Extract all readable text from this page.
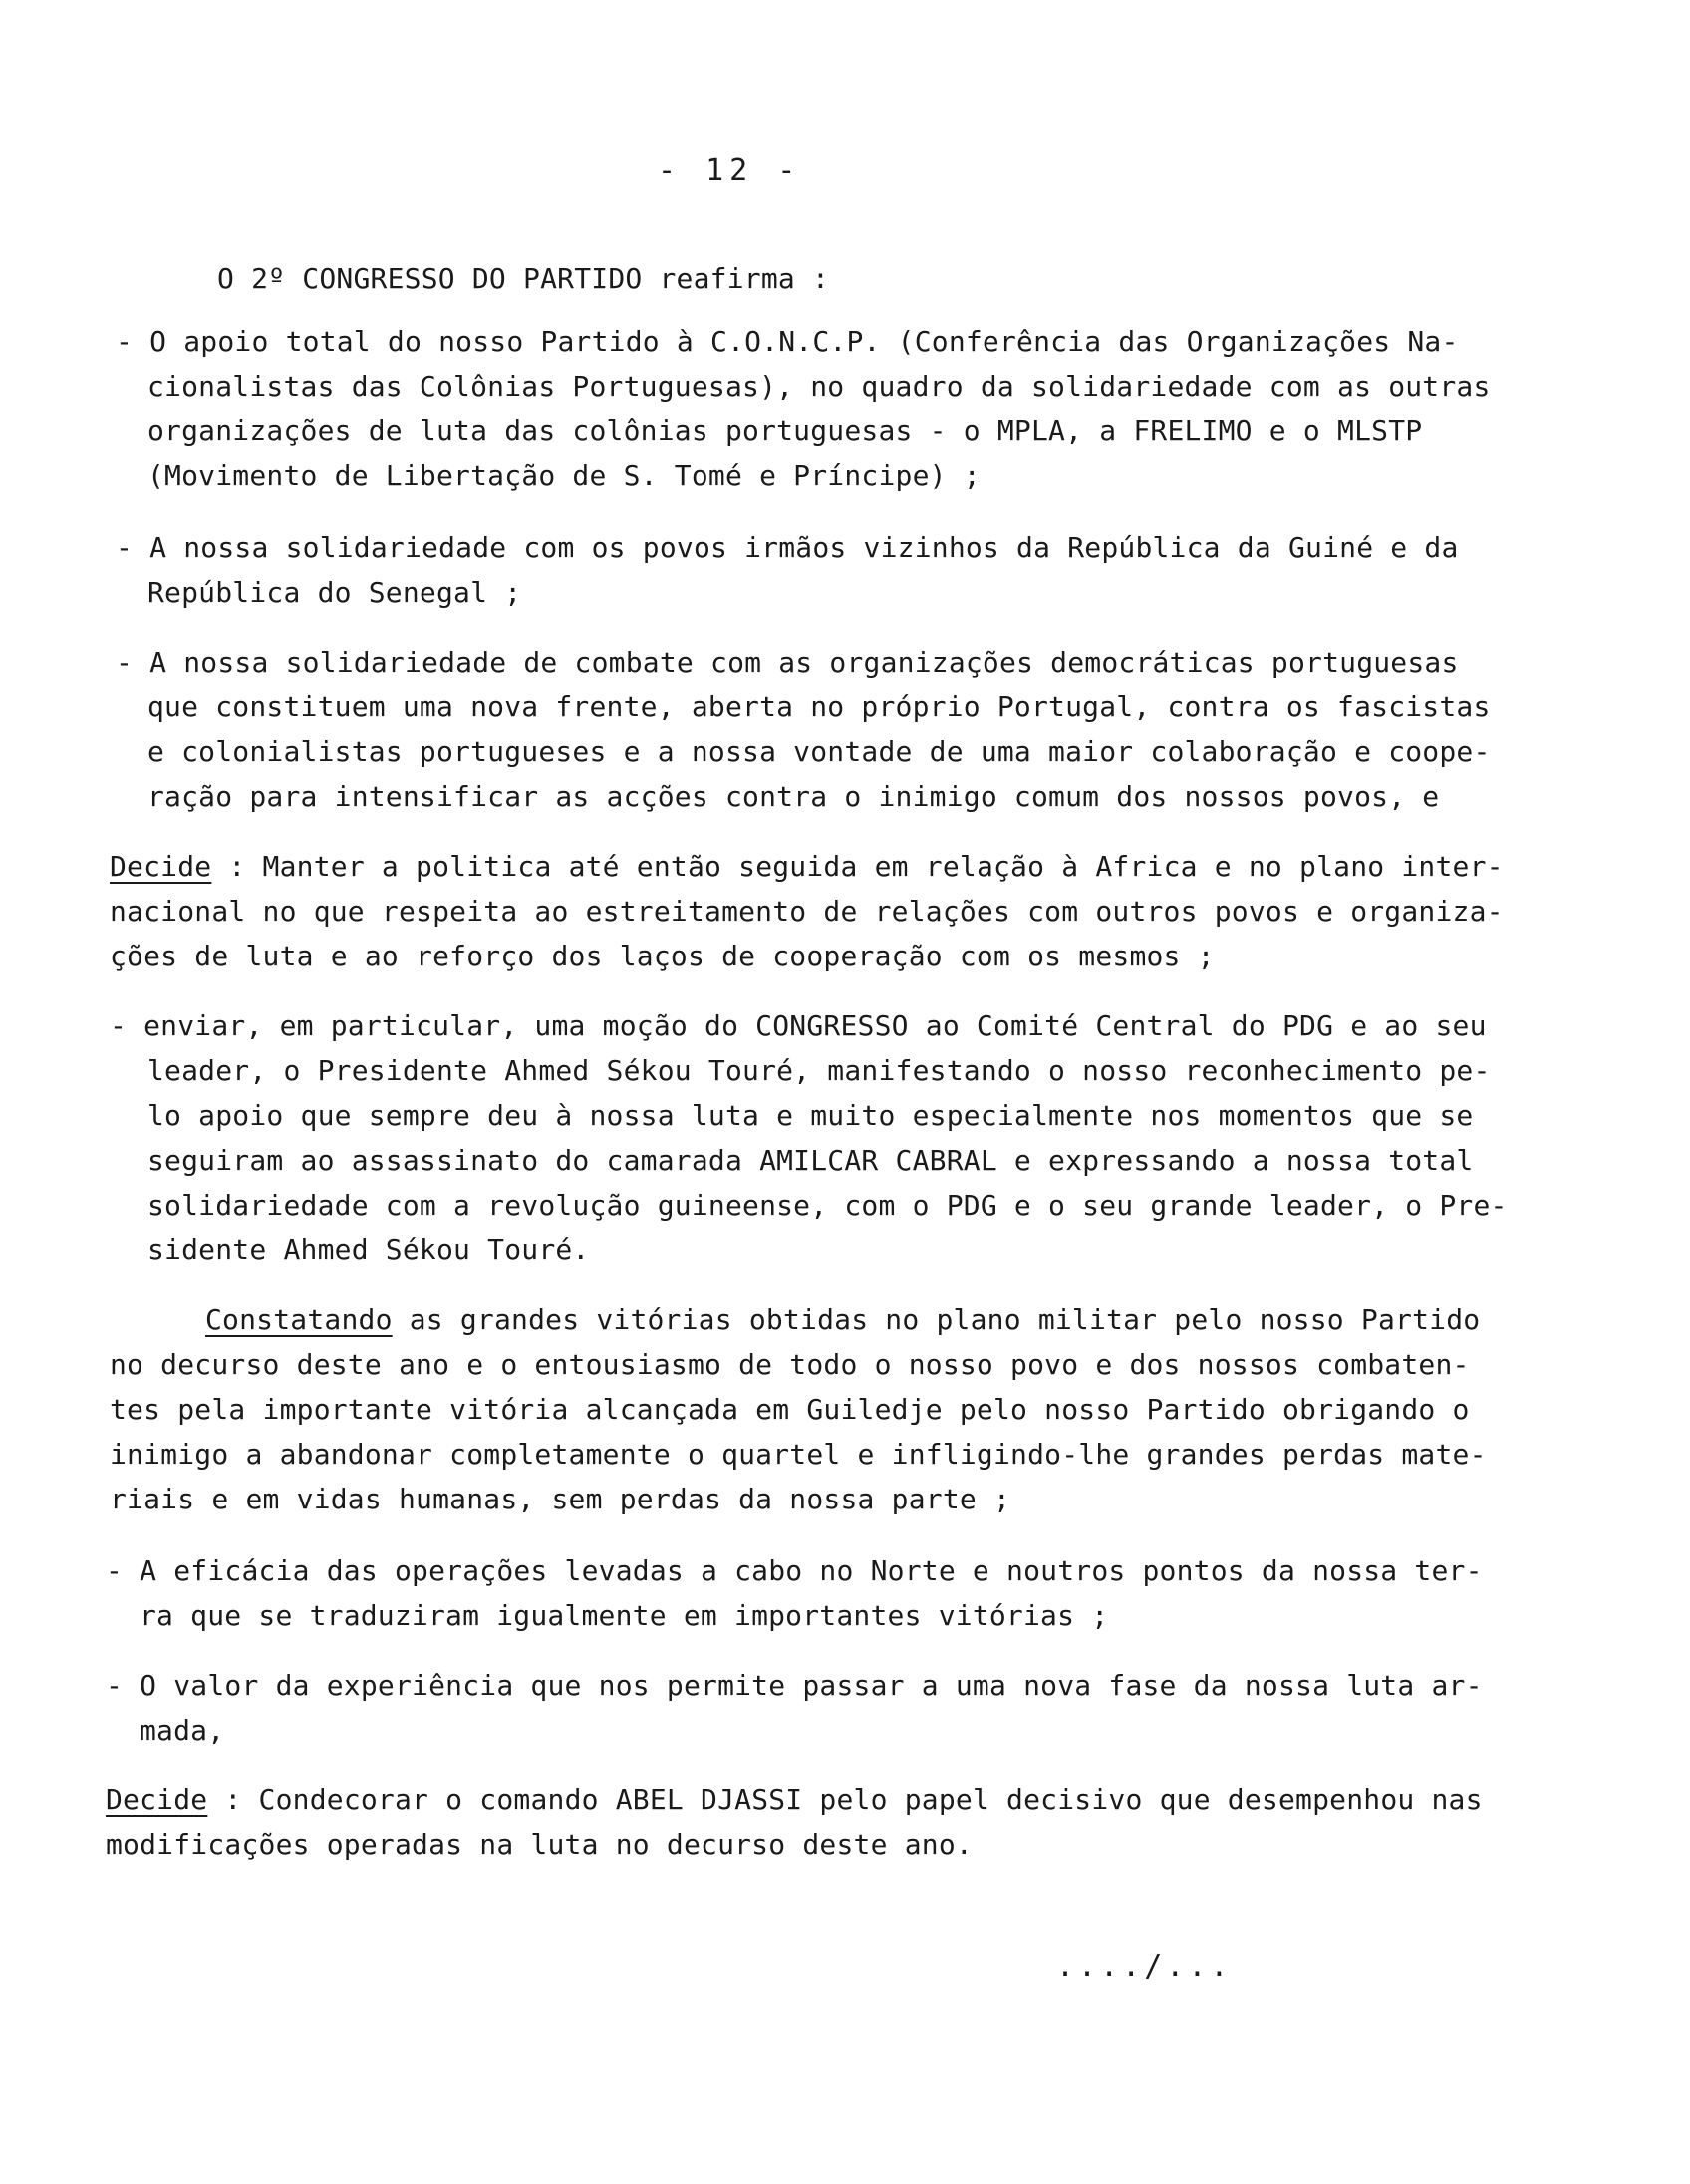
- 12 -
O 2º CONGRESSO DO PARTIDO reafirma :
- O apoio total do nosso Partido à C.O.N.C.P. (Conferência das Organizações Na-
cionalistas das Colônias Portuguesas), no quadro da solidariedade com as outras
organizações de luta das colônias portuguesas - o MPLA, a FRELIMO e o MLSTP
(Movimento de Libertação de S. Tomé e Príncipe) ;
- A nossa solidariedade com os povos irmãos vizinhos da República da Guiné e da
República do Senegal ;
- A nossa solidariedade de combate com as organizações democráticas portuguesas
que constituem uma nova frente, aberta no próprio Portugal, contra os fascistas
e colonialistas portugueses e a nossa vontade de uma maior colaboração e coope-
ração para intensificar as acções contra o inimigo comum dos nossos povos, e
Decide : Manter a politica até então seguida em relação à Africa e no plano inter-
nacional no que respeita ao estreitamento de relações com outros povos e organiza-
ções de luta e ao reforço dos laços de cooperação com os mesmos ;
- enviar, em particular, uma moção do CONGRESSO ao Comité Central do PDG e ao seu
leader, o Presidente Ahmed Sékou Touré, manifestando o nosso reconhecimento pe-
lo apoio que sempre deu à nossa luta e muito especialmente nos momentos que se
seguiram ao assassinato do camarada AMILCAR CABRAL e expressando a nossa total
solidariedade com a revolução guineense, com o PDG e o seu grande leader, o Pre-
sidente Ahmed Sékou Touré.
Constatando as grandes vitórias obtidas no plano militar pelo nosso Partido
no decurso deste ano e o entousiasmo de todo o nosso povo e dos nossos combaten-
tes pela importante vitória alcançada em Guiledje pelo nosso Partido obrigando o
inimigo a abandonar completamente o quartel e infligindo-lhe grandes perdas mate-
riais e em vidas humanas, sem perdas da nossa parte ;
- A eficácia das operações levadas a cabo no Norte e noutros pontos da nossa ter-
ra que se traduziram igualmente em importantes vitórias ;
- O valor da experiência que nos permite passar a uma nova fase da nossa luta ar-
mada,
Decide : Condecorar o comando ABEL DJASSI pelo papel decisivo que desempenhou nas
modificações operadas na luta no decurso deste ano.
..../...
